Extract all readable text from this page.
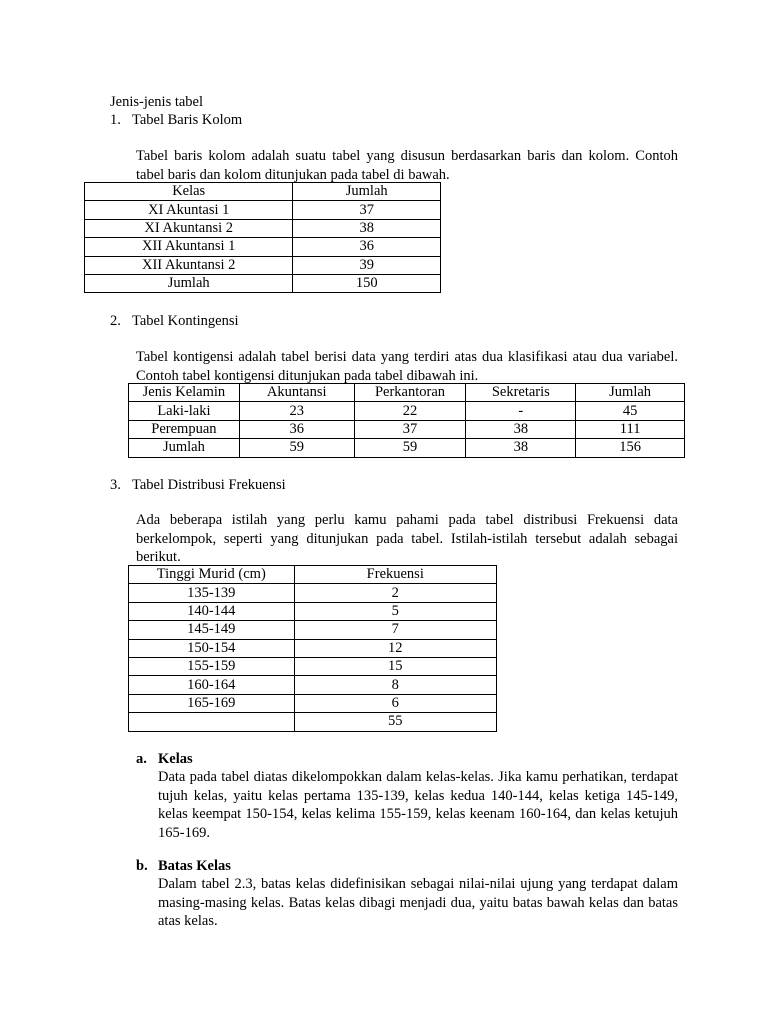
Jenis-jenis tabel
1. Tabel Baris Kolom
Tabel baris kolom adalah suatu tabel yang disusun berdasarkan baris dan kolom. Contoh tabel baris dan kolom ditunjukan pada tabel di bawah.
Kelas	Jumlah
XI Akuntasi 1	37
XI Akuntansi 2	38
XII Akuntansi 1	36
XII Akuntansi 2	39
Jumlah	150
2. Tabel Kontingensi
Tabel kontigensi adalah tabel berisi data yang terdiri atas dua klasifikasi atau dua variabel. Contoh tabel kontigensi ditunjukan pada tabel dibawah ini.
Jenis Kelamin	Akuntansi	Perkantoran	Sekretaris	Jumlah
Laki-laki	23	22	-	45
Perempuan	36	37	38	111
Jumlah	59	59	38	156
3. Tabel Distribusi Frekuensi
Ada beberapa istilah yang perlu kamu pahami pada tabel distribusi Frekuensi data berkelompok, seperti yang ditunjukan pada tabel. Istilah-istilah tersebut adalah sebagai berikut.
Tinggi Murid (cm)	Frekuensi
135-139	2
140-144	5
145-149	7
150-154	12
155-159	15
160-164	8
165-169	6
	55
a. Kelas
Data pada tabel diatas dikelompokkan dalam kelas-kelas. Jika kamu perhatikan, terdapat tujuh kelas, yaitu kelas pertama 135-139, kelas kedua 140-144, kelas ketiga 145-149, kelas keempat 150-154, kelas kelima 155-159, kelas keenam 160-164, dan kelas ketujuh 165-169.
b. Batas Kelas
Dalam tabel 2.3, batas kelas didefinisikan sebagai nilai-nilai ujung yang terdapat dalam masing-masing kelas. Batas kelas dibagi menjadi dua, yaitu batas bawah kelas dan batas atas kelas.
